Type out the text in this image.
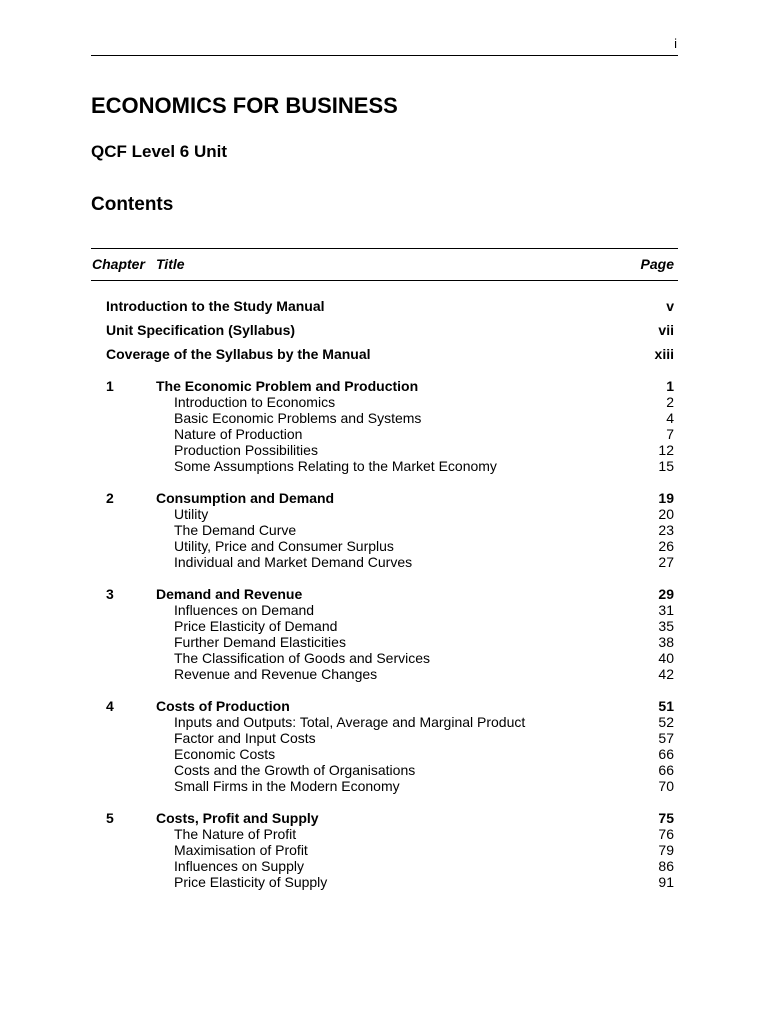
i
ECONOMICS FOR BUSINESS
QCF Level 6 Unit
Contents
Chapter Title	Page
Introduction to the Study Manual	v
Unit Specification (Syllabus)	vii
Coverage of the Syllabus by the Manual	xiii
1	The Economic Problem and Production	1
Introduction to Economics	2
Basic Economic Problems and Systems	4
Nature of Production	7
Production Possibilities	12
Some Assumptions Relating to the Market Economy	15
2	Consumption and Demand	19
Utility	20
The Demand Curve	23
Utility, Price and Consumer Surplus	26
Individual and Market Demand Curves	27
3	Demand and Revenue	29
Influences on Demand	31
Price Elasticity of Demand	35
Further Demand Elasticities	38
The Classification of Goods and Services	40
Revenue and Revenue Changes	42
4	Costs of Production	51
Inputs and Outputs: Total, Average and Marginal Product	52
Factor and Input Costs	57
Economic Costs	66
Costs and the Growth of Organisations	66
Small Firms in the Modern Economy	70
5	Costs, Profit and Supply	75
The Nature of Profit	76
Maximisation of Profit	79
Influences on Supply	86
Price Elasticity of Supply	91
